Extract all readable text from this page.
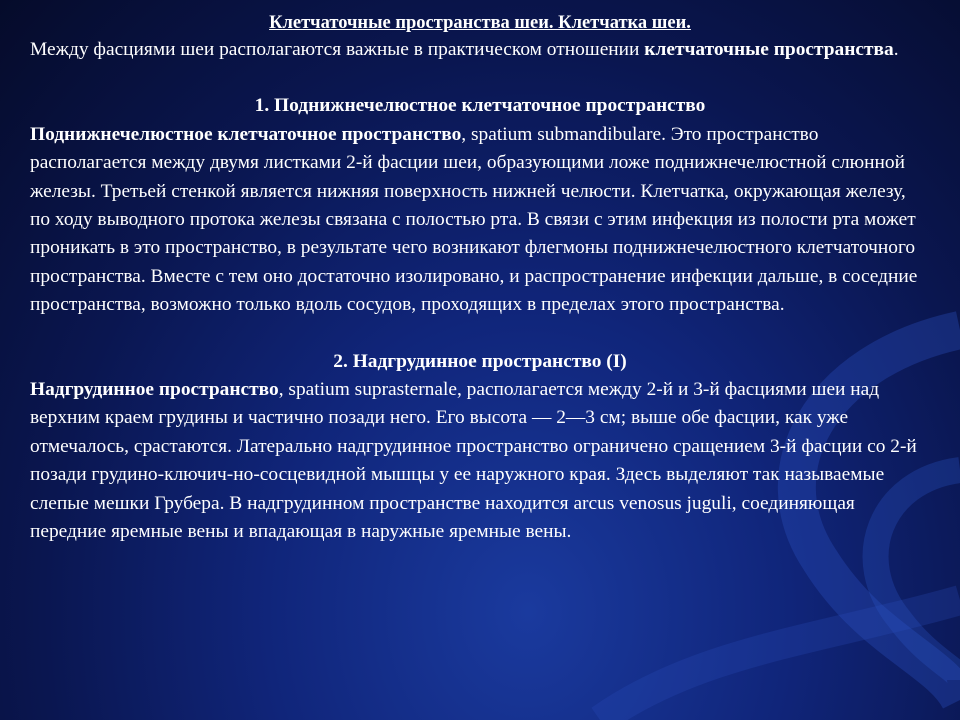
Клетчаточные пространства шеи. Клетчатка шеи.

Между фасциями шеи располагаются важные в практическом отношении клетчаточные пространства.

1. Поднижнечелюстное клетчаточное пространство

Поднижнечелюстное клетчаточное пространство, spatium submandibulare. Это пространство располагается между двумя листками 2-й фасции шеи, образующими ложе поднижнечелюстной слюнной железы. Третьей стенкой является нижняя поверхность нижней челюсти. Клетчатка, окружающая железу, по ходу выводного протока железы связана с полостью рта. В связи с этим инфекция из полости рта может проникать в это пространство, в результате чего возникают флегмоны поднижнечелюстного клетчаточного пространства. Вместе с тем оно достаточно изолировано, и распространение инфекции дальше, в соседние пространства, возможно только вдоль сосудов, проходящих в пределах этого пространства.

2. Надгрудинное пространство (I)

Надгрудинное пространство, spatium suprasternale, располагается между 2-й и 3-й фасциями шеи над верхним краем грудины и частично позади него. Его высота — 2—3 см; выше обе фасции, как уже отмечалось, срастаются. Латерально надгрудинное пространство ограничено сращением 3-й фасции со 2-й позади грудино-ключич-но-сосцевидной мышцы у ее наружного края. Здесь выделяют так называемые слепые мешки Грубера. В надгрудинном пространстве находится arcus venosus juguli, соединяющая передние яремные вены и впадающая в наружные яремные вены.
